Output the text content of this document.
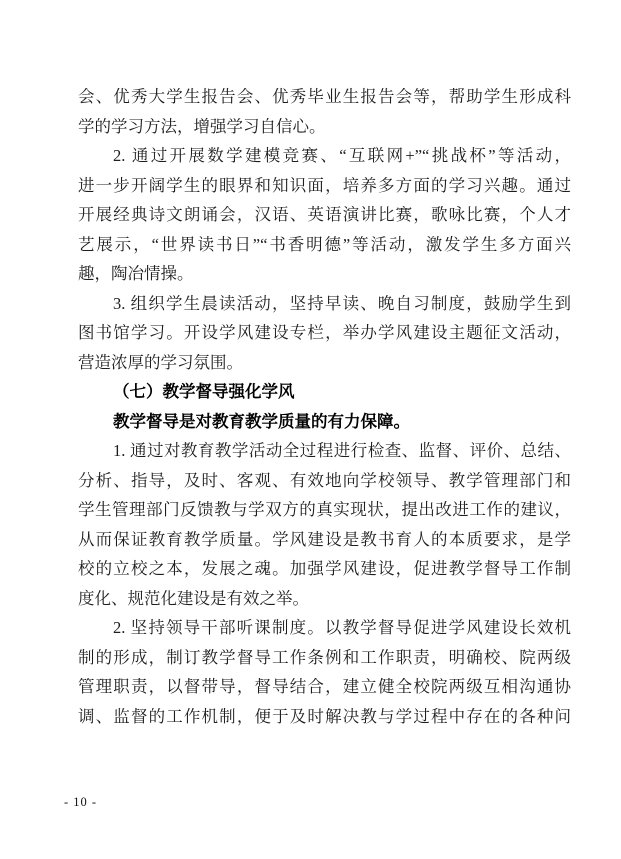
会、优秀大学生报告会、优秀毕业生报告会等，帮助学生形成科
学的学习方法，增强学习自信心。
2. 通过开展数学建模竞赛、“互联网+”“挑战杯”等活动，
进一步开阔学生的眼界和知识面，培养多方面的学习兴趣。通过
开展经典诗文朗诵会，汉语、英语演讲比赛，歌咏比赛，个人才
艺展示，“世界读书日”“书香明德”等活动，激发学生多方面兴
趣，陶冶情操。
3. 组织学生晨读活动，坚持早读、晚自习制度，鼓励学生到
图书馆学习。开设学风建设专栏，举办学风建设主题征文活动，
营造浓厚的学习氛围。
（七）教学督导强化学风
教学督导是对教育教学质量的有力保障。
1. 通过对教育教学活动全过程进行检查、监督、评价、总结、
分析、指导，及时、客观、有效地向学校领导、教学管理部门和
学生管理部门反馈教与学双方的真实现状，提出改进工作的建议，
从而保证教育教学质量。学风建设是教书育人的本质要求，是学
校的立校之本，发展之魂。加强学风建设，促进教学督导工作制
度化、规范化建设是有效之举。
2. 坚持领导干部听课制度。以教学督导促进学风建设长效机
制的形成，制订教学督导工作条例和工作职责，明确校、院两级
管理职责，以督带导，督导结合，建立健全校院两级互相沟通协
调、监督的工作机制，便于及时解决教与学过程中存在的各种问
- 10 -
